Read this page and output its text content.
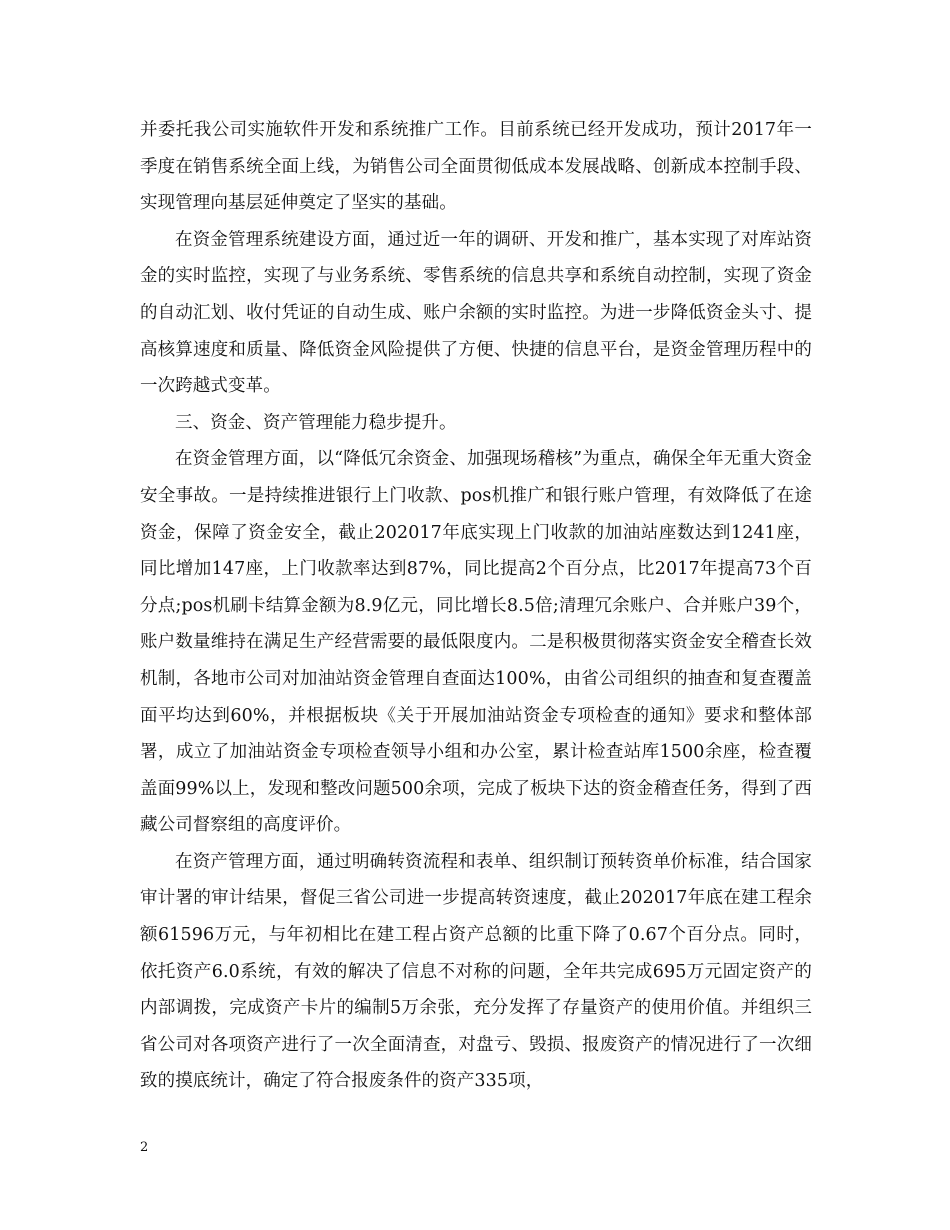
并委托我公司实施软件开发和系统推广工作。目前系统已经开发成功，预计2017年一季度在销售系统全面上线，为销售公司全面贯彻低成本发展战略、创新成本控制手段、实现管理向基层延伸奠定了坚实的基础。

在资金管理系统建设方面，通过近一年的调研、开发和推广，基本实现了对库站资金的实时监控，实现了与业务系统、零售系统的信息共享和系统自动控制，实现了资金的自动汇划、收付凭证的自动生成、账户余额的实时监控。为进一步降低资金头寸、提高核算速度和质量、降低资金风险提供了方便、快捷的信息平台，是资金管理历程中的一次跨越式变革。

三、资金、资产管理能力稳步提升。

在资金管理方面，以“降低冗余资金、加强现场稽核”为重点，确保全年无重大资金安全事故。一是持续推进银行上门收款、pos机推广和银行账户管理，有效降低了在途资金，保障了资金安全，截止202017年底实现上门收款的加油站座数达到1241座，同比增加147座，上门收款率达到87%，同比提高2个百分点，比2017年提高73个百分点;pos机刷卡结算金额为8.9亿元，同比增长8.5倍;清理冗余账户、合并账户39个，账户数量维持在满足生产经营需要的最低限度内。二是积极贯彻落实资金安全稽查长效机制，各地市公司对加油站资金管理自查面达100%，由省公司组织的抽查和复查覆盖面平均达到60%，并根据板块《关于开展加油站资金专项检查的通知》要求和整体部署，成立了加油站资金专项检查领导小组和办公室，累计检查站库1500余座，检查覆盖面99%以上，发现和整改问题500余项，完成了板块下达的资金稽查任务，得到了西藏公司督察组的高度评价。

在资产管理方面，通过明确转资流程和表单、组织制订预转资单价标准，结合国家审计署的审计结果，督促三省公司进一步提高转资速度，截止202017年底在建工程余额61596万元，与年初相比在建工程占资产总额的比重下降了0.67个百分点。同时，依托资产6.0系统，有效的解决了信息不对称的问题，全年共完成695万元固定资产的内部调拨，完成资产卡片的编制5万余张，充分发挥了存量资产的使用价值。并组织三省公司对各项资产进行了一次全面清查，对盘亏、毁损、报废资产的情况进行了一次细致的摸底统计，确定了符合报废条件的资产335项，

2
